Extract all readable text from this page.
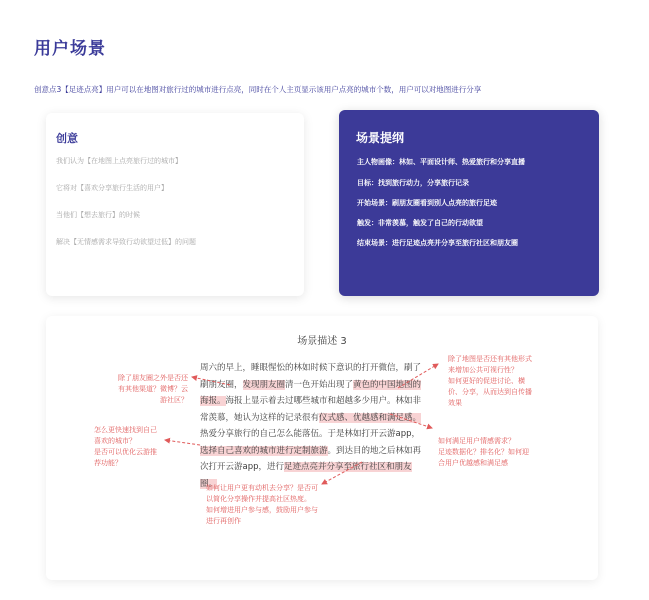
用户场景
创意点3【足迹点亮】用户可以在地图对旅行过的城市进行点亮，同时在个人主页显示该用户点亮的城市个数，用户可以对地图进行分享
创意
我们认为【在地图上点亮旅行过的城市】
它将对【喜欢分享旅行生活的用户】
当他们【想去旅行】的时候
解决【无情感需求导致行动欲望过低】的问题
场景提纲
主人物画像：林如、平面设计师、热爱旅行和分享直播
目标：找到旅行动力，分享旅行记录
开始场景：刷朋友圈看到别人点亮的旅行足迹
触发：非常羡慕，触发了自己的行动欲望
结束场景：进行足迹点亮并分享至旅行社区和朋友圈
场景描述 3
周六的早上，睡眼惺忪的林如时候下意识的打开微信，刷了刷朋友圈，发现朋友圈清一色开始出现了黄色的中国地图的海报。海报上显示着去过哪些城市和超越多少用户。林如非常羡慕，她认为这样的记录很有仪式感、优越感和满足感。热爱分享旅行的自己怎么能落伍。于是林如打开云游app，选择自己喜欢的城市进行定制旅游。到达目的地之后林如再次打开云游app，进行足迹点亮并分享至旅行社区和朋友圈。
除了朋友圈之外是否还
有其他渠道？微博？云
游社区？
怎么更快速找到自己
喜欢的城市？
是否可以优化云游推
荐功能？
如何让用户更有动机去分享？是否可
以简化分享操作并提高社区热度。
如何增进用户参与感，鼓励用户参与
进行再创作
除了地图是否还有其他形式
来增加公共可视行性？
如何更好的促进讨论、横
价、分享，从而达到自传播
效果
如何满足用户情感需求？
足迹数据化？排名化？如何迎
合用户优越感和满足感
